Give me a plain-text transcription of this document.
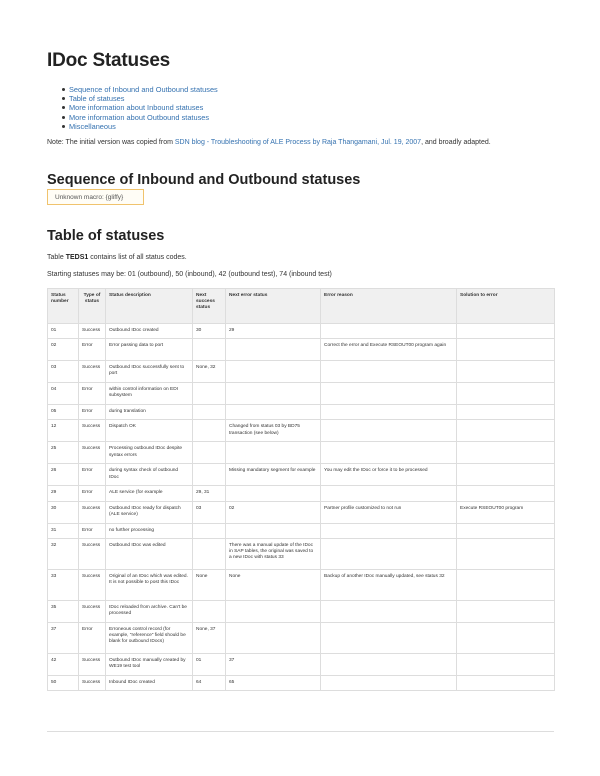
IDoc Statuses
Sequence of Inbound and Outbound statuses
Table of statuses
More information about Inbound statuses
More information about Outbound statuses
Miscellaneous
Note: The initial version was copied from SDN blog - Troubleshooting of ALE Process by Raja Thangamani, Jul. 19, 2007, and broadly adapted.
Sequence of Inbound and Outbound statuses
Unknown macro: {gliffy}
Table of statuses
Table TEDS1 contains list of all status codes.
Starting statuses may be: 01 (outbound), 50 (inbound), 42 (outbound test), 74 (inbound test)
Status number	Type of status	Status description	Next success status	Next error status	Error reason	Solution to error
01	Success	Outbound IDoc created	30	29		
02	Error	Error passing data to port			Correct the error and Execute RSEOUT00 program again	
03	Success	Outbound IDoc successfully sent to port	None, 32			
04	Error	within control information on EDI subsystem				
05	Error	during translation				
12	Success	Dispatch OK		Changed from status 03 by BD75 transaction (see below)		
25	Success	Processing outbound IDoc despite syntax errors				
26	Error	during syntax check of outbound IDoc		Missing mandatory segment for example	You may edit the IDoc or force it to be processed	
29	Error	ALE service (for example	29, 31			
30	Success	Outbound IDoc ready for dispatch (ALE service)	03	02	Partner profile customized to not run	Execute RSEOUT00 program
31	Error	no further processing				
32	Success	Outbound IDoc was edited		There was a manual update of the IDoc in SAP tables, the original was saved to a new IDoc with status 33		
33	Success	Original of an IDoc which was edited. It is not possible to post this IDoc	None	None	Backup of another IDoc manually updated, see status 32	
35	Success	IDoc reloaded from archive. Can't be processed				
37	Error	Erroneous control record (for example, "reference" field should be blank for outbound IDocs)	None, 37			
42	Success	Outbound IDoc manually created by WE19 test tool	01	37		
50	Success	Inbound IDoc created	64	65		
